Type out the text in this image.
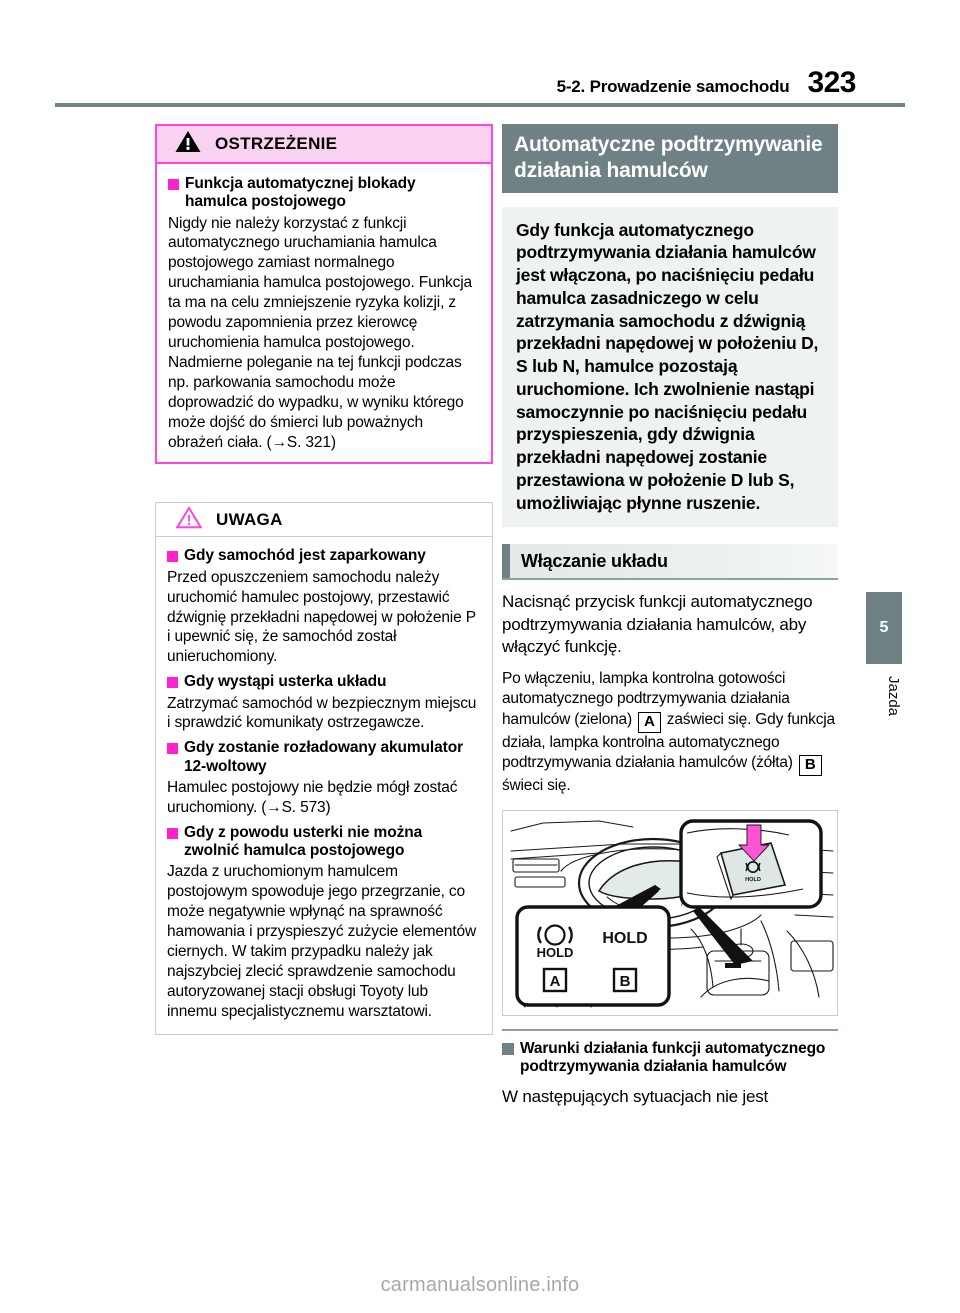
5-2. Prowadzenie samochodu 323
OSTRZEŻENIE
Funkcja automatycznej blokady hamulca postojowego
Nigdy nie należy korzystać z funkcji automatycznego uruchamiania hamulca postojowego zamiast normalnego uruchamiania hamulca postojowego. Funkcja ta ma na celu zmniejszenie ryzyka kolizji, z powodu zapomnienia przez kierowcę uruchomienia hamulca postojowego. Nadmierne poleganie na tej funkcji podczas np. parkowania samochodu może doprowadzić do wypadku, w wyniku którego może dojść do śmierci lub poważnych obrażeń ciała. (→S. 321)
UWAGA
Gdy samochód jest zaparkowany
Przed opuszczeniem samochodu należy uruchomić hamulec postojowy, przestawić dźwignię przekładni napędowej w położenie P i upewnić się, że samochód został unieruchomiony.
Gdy wystąpi usterka układu
Zatrzymać samochód w bezpiecznym miejscu i sprawdzić komunikaty ostrzegawcze.
Gdy zostanie rozładowany akumulator 12-woltowy
Hamulec postojowy nie będzie mógł zostać uruchomiony. (→S. 573)
Gdy z powodu usterki nie można zwolnić hamulca postojowego
Jazda z uruchomionym hamulcem postojowym spowoduje jego przegrzanie, co może negatywnie wpłynąć na sprawność hamowania i przyspieszyć zużycie elementów ciernych. W takim przypadku należy jak najszybciej zlecić sprawdzenie samochodu autoryzowanej stacji obsługi Toyoty lub innemu specjalistycznemu warsztatowi.
Automatyczne podtrzymywanie działania hamulców
Gdy funkcja automatycznego podtrzymywania działania hamulców jest włączona, po naciśnięciu pedału hamulca zasadniczego w celu zatrzymania samochodu z dźwignią przekładni napędowej w położeniu D, S lub N, hamulce pozostają uruchomione. Ich zwolnienie nastąpi samoczynnie po naciśnięciu pedału przyspieszenia, gdy dźwignia przekładni napędowej zostanie przestawiona w położenie D lub S, umożliwiając płynne ruszenie.
Włączanie układu
Nacisnąć przycisk funkcji automatycznego podtrzymywania działania hamulców, aby włączyć funkcję.
Po włączeniu, lampka kontrolna gotowości automatycznego podtrzymywania działania hamulców (zielona) A zaświeci się. Gdy funkcja działa, lampka kontrolna automatycznego podtrzymywania działania hamulców (żółta) B świeci się.
HOLD
HOLD
HOLD
A	B
Warunki działania funkcji automatycznego podtrzymywania działania hamulców
W następujących sytuacjach nie jest
5
Jazda
carmanualsonline.info
